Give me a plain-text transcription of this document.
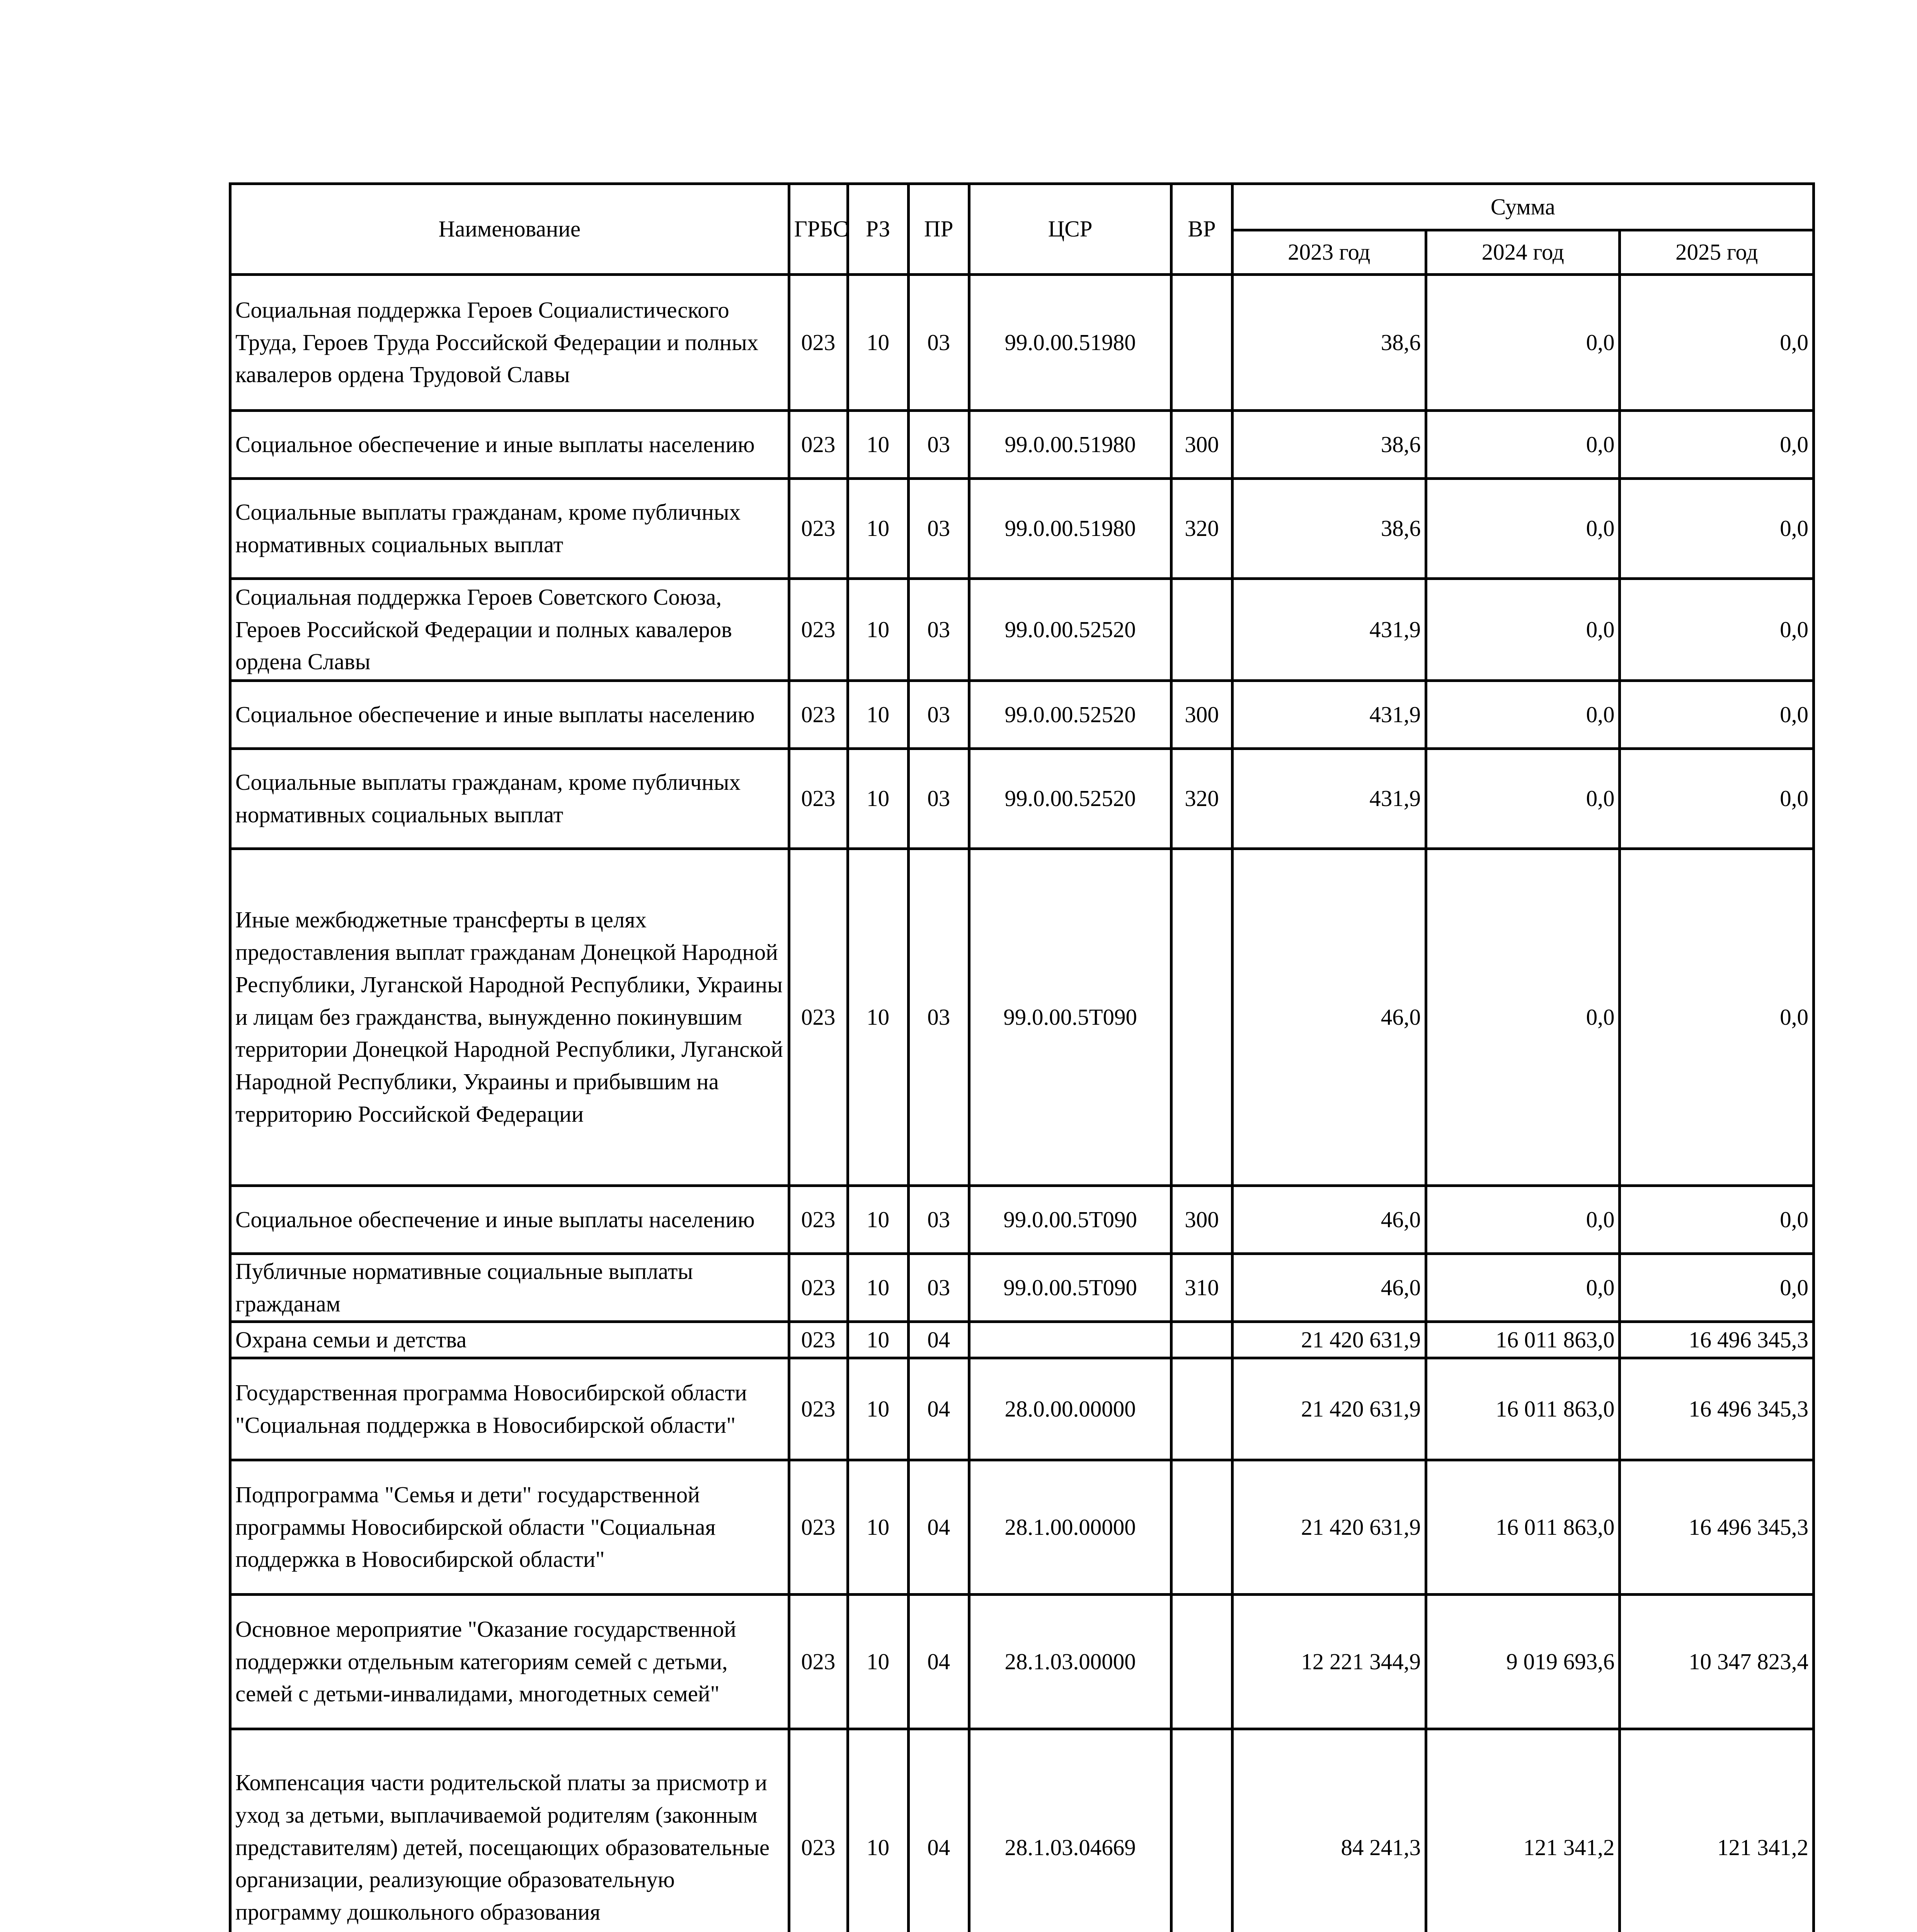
Наименование	ГРБС	РЗ	ПР	ЦСР	ВР	Сумма		
						2023 год	2024 год	2025 год
Социальная поддержка Героев Социалистического Труда, Героев Труда Российской Федерации и полных кавалеров ордена Трудовой Славы	023	10	03	99.0.00.51980		38,6	0,0	0,0
Социальное обеспечение и иные выплаты населению	023	10	03	99.0.00.51980	300	38,6	0,0	0,0
Социальные выплаты гражданам, кроме публичных нормативных социальных выплат	023	10	03	99.0.00.51980	320	38,6	0,0	0,0
Социальная поддержка Героев Советского Союза, Героев Российской Федерации и полных кавалеров ордена Славы	023	10	03	99.0.00.52520		431,9	0,0	0,0
Социальное обеспечение и иные выплаты населению	023	10	03	99.0.00.52520	300	431,9	0,0	0,0
Социальные выплаты гражданам, кроме публичных нормативных социальных выплат	023	10	03	99.0.00.52520	320	431,9	0,0	0,0
Иные межбюджетные трансферты в целях предоставления выплат гражданам Донецкой Народной Республики, Луганской Народной Республики, Украины и лицам без гражданства, вынужденно покинувшим территории Донецкой Народной Республики, Луганской Народной Республики, Украины и прибывшим на территорию Российской Федерации	023	10	03	99.0.00.5Т090		46,0	0,0	0,0
Социальное обеспечение и иные выплаты населению	023	10	03	99.0.00.5Т090	300	46,0	0,0	0,0
Публичные нормативные социальные выплаты гражданам	023	10	03	99.0.00.5Т090	310	46,0	0,0	0,0
Охрана семьи и детства	023	10	04			21 420 631,9	16 011 863,0	16 496 345,3
Государственная программа Новосибирской области "Социальная поддержка в Новосибирской области"	023	10	04	28.0.00.00000		21 420 631,9	16 011 863,0	16 496 345,3
Подпрограмма "Семья и дети" государственной программы Новосибирской области "Социальная поддержка в Новосибирской области"	023	10	04	28.1.00.00000		21 420 631,9	16 011 863,0	16 496 345,3
Основное мероприятие "Оказание государственной поддержки отдельным категориям семей с детьми, семей с детьми-инвалидами, многодетных семей"	023	10	04	28.1.03.00000		12 221 344,9	9 019 693,6	10 347 823,4
Компенсация части родительской платы за присмотр и уход за детьми, выплачиваемой родителям (законным представителям) детей, посещающих образовательные организации, реализующие образовательную программу дошкольного образования	023	10	04	28.1.03.04669		84 241,3	121 341,2	121 341,2
